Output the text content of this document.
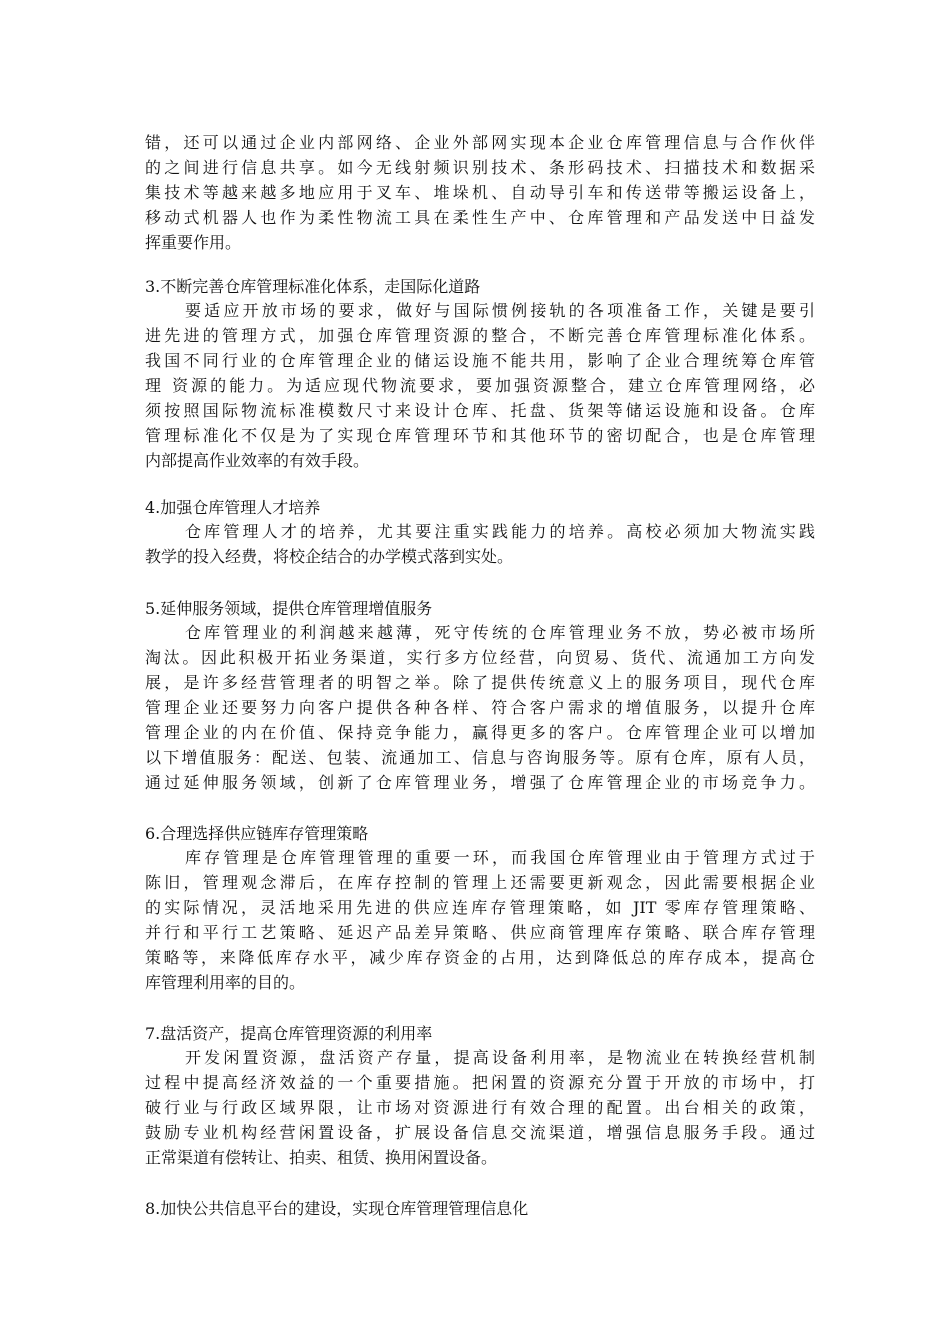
错，还可以通过企业内部网络、企业外部网实现本企业仓库管理信息与合作伙伴
的之间进行信息共享。如今无线射频识别技术、条形码技术、扫描技术和数据采
集技术等越来越多地应用于叉车、堆垛机、自动导引车和传送带等搬运设备上，
移动式机器人也作为柔性物流工具在柔性生产中、仓库管理和产品发送中日益发
挥重要作用。
3.不断完善仓库管理标准化体系，走国际化道路
要适应开放市场的要求，做好与国际惯例接轨的各项准备工作，关键是要引
进先进的管理方式，加强仓库管理资源的整合，不断完善仓库管理标准化体系。
我国不同行业的仓库管理企业的储运设施不能共用，影响了企业合理统筹仓库管
理 资源的能力。为适应现代物流要求，要加强资源整合，建立仓库管理网络，必
须按照国际物流标准模数尺寸来设计仓库、托盘、货架等储运设施和设备。仓库
管理标准化不仅是为了实现仓库管理环节和其他环节的密切配合，也是仓库管理
内部提高作业效率的有效手段。
4.加强仓库管理人才培养
仓库管理人才的培养，尤其要注重实践能力的培养。高校必须加大物流实践
教学的投入经费，将校企结合的办学模式落到实处。
5.延伸服务领域，提供仓库管理增值服务
仓库管理业的利润越来越薄，死守传统的仓库管理业务不放，势必被市场所
淘汰。因此积极开拓业务渠道，实行多方位经营，向贸易、货代、流通加工方向发
展，是许多经营管理者的明智之举。除了提供传统意义上的服务项目，现代仓库
管理企业还要努力向客户提供各种各样、符合客户需求的增值服务，以提升仓库
管理企业的内在价值、保持竞争能力，赢得更多的客户。仓库管理企业可以增加
以下增值服务：配送、包装、流通加工、信息与咨询服务等。原有仓库，原有人员，
通过延伸服务领域，创新了仓库管理业务，增强了仓库管理企业的市场竞争力。
6.合理选择供应链库存管理策略
库存管理是仓库管理管理的重要一环，而我国仓库管理业由于管理方式过于
陈旧，管理观念滞后，在库存控制的管理上还需要更新观念，因此需要根据企业
的实际情况，灵活地采用先进的供应连库存管理策略，如 JIT 零库存管理策略、
并行和平行工艺策略、延迟产品差异策略、供应商管理库存策略、联合库存管理
策略等，来降低库存水平，减少库存资金的占用，达到降低总的库存成本，提高仓
库管理利用率的目的。
7.盘活资产，提高仓库管理资源的利用率
开发闲置资源，盘活资产存量，提高设备利用率，是物流业在转换经营机制
过程中提高经济效益的一个重要措施。把闲置的资源充分置于开放的市场中，打
破行业与行政区域界限，让市场对资源进行有效合理的配置。出台相关的政策，
鼓励专业机构经营闲置设备，扩展设备信息交流渠道，增强信息服务手段。通过
正常渠道有偿转让、拍卖、租赁、换用闲置设备。
8.加快公共信息平台的建设，实现仓库管理管理信息化
